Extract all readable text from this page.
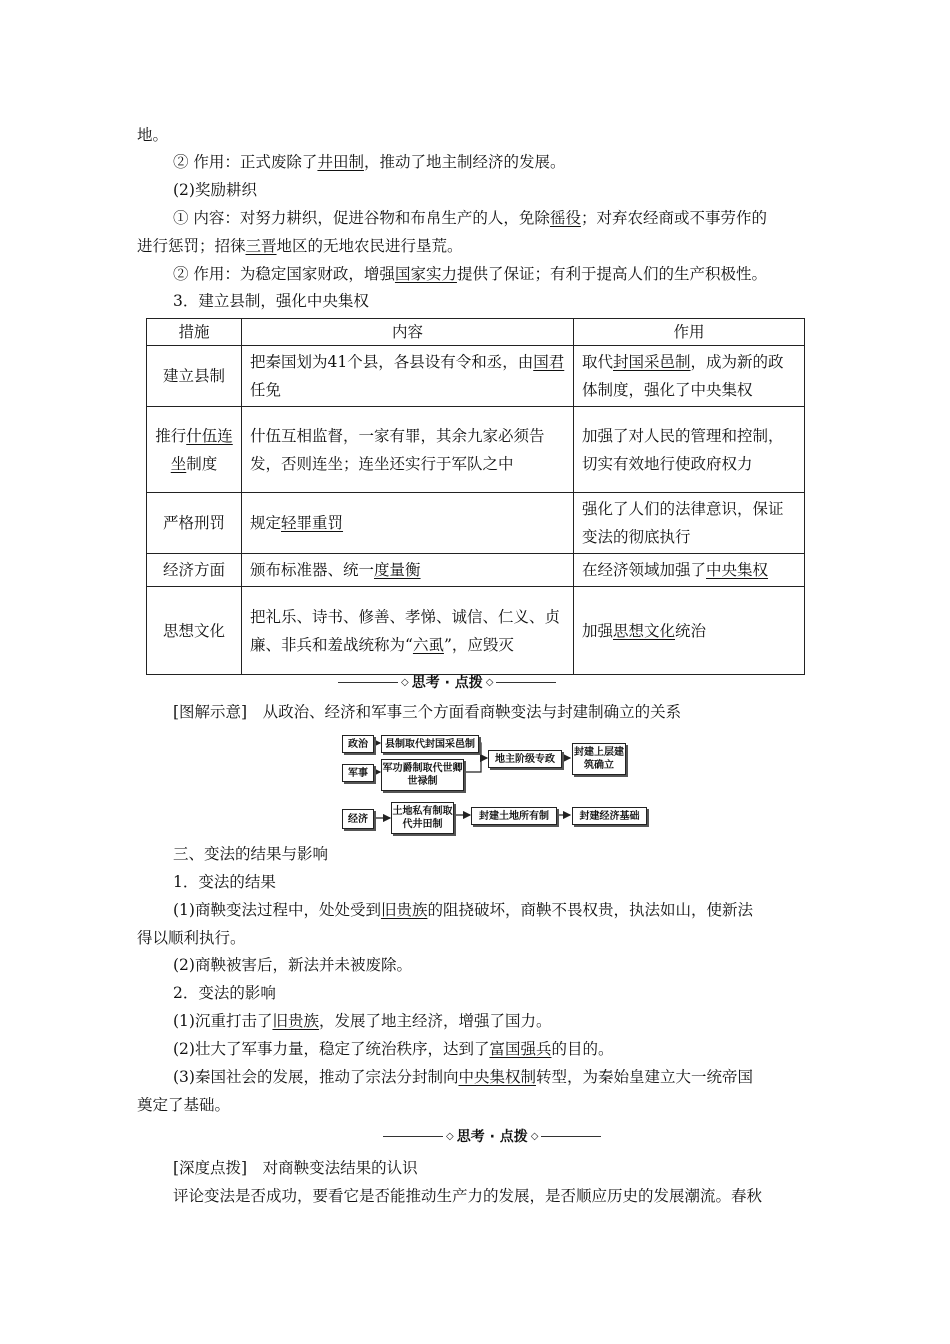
地。
② 作用：正式废除了井田制，推动了地主制经济的发展。
(2)奖励耕织
① 内容：对努力耕织，促进谷物和布帛生产的人，免除徭役；对弃农经商或不事劳作的
进行惩罚；招徕三晋地区的无地农民进行垦荒。
② 作用：为稳定国家财政，增强国家实力提供了保证；有利于提高人们的生产积极性。
3．建立县制，强化中央集权
措施	内容	作用
建立县制	把秦国划为41个县，各县设有令和丞，由国君任免	取代封国采邑制，成为新的政体制度，强化了中央集权
推行什伍连坐制度	什伍互相监督，一家有罪，其余九家必须告发，否则连坐；连坐还实行于军队之中	加强了对人民的管理和控制，切实有效地行使政府权力
严格刑罚	规定轻罪重罚	强化了人们的法律意识，保证变法的彻底执行
经济方面	颁布标准器、统一度量衡	在经济领域加强了中央集权
思想文化	把礼乐、诗书、修善、孝悌、诚信、仁义、贞廉、非兵和羞战统称为“六虱”，应毁灭	加强思想文化统治
◇ 思考 · 点拨 ◇
[图解示意]　从政治、经济和军事三个方面看商鞅变法与封建制确立的关系
政治	县制取代封国采邑制
军事	军功爵制取代世卿世禄制
地主阶级专政
封建上层建筑确立
经济
土地私有制取代井田制
封建土地所有制	封建经济基础
三、变法的结果与影响
1．变法的结果
(1)商鞅变法过程中，处处受到旧贵族的阻挠破坏，商鞅不畏权贵，执法如山，使新法
得以顺利执行。
(2)商鞅被害后，新法并未被废除。
2．变法的影响
(1)沉重打击了旧贵族，发展了地主经济，增强了国力。
(2)壮大了军事力量，稳定了统治秩序，达到了富国强兵的目的。
(3)秦国社会的发展，推动了宗法分封制向中央集权制转型，为秦始皇建立大一统帝国
奠定了基础。
◇ 思考 · 点拨 ◇
[深度点拨]　对商鞅变法结果的认识
评论变法是否成功，要看它是否能推动生产力的发展，是否顺应历史的发展潮流。春秋
